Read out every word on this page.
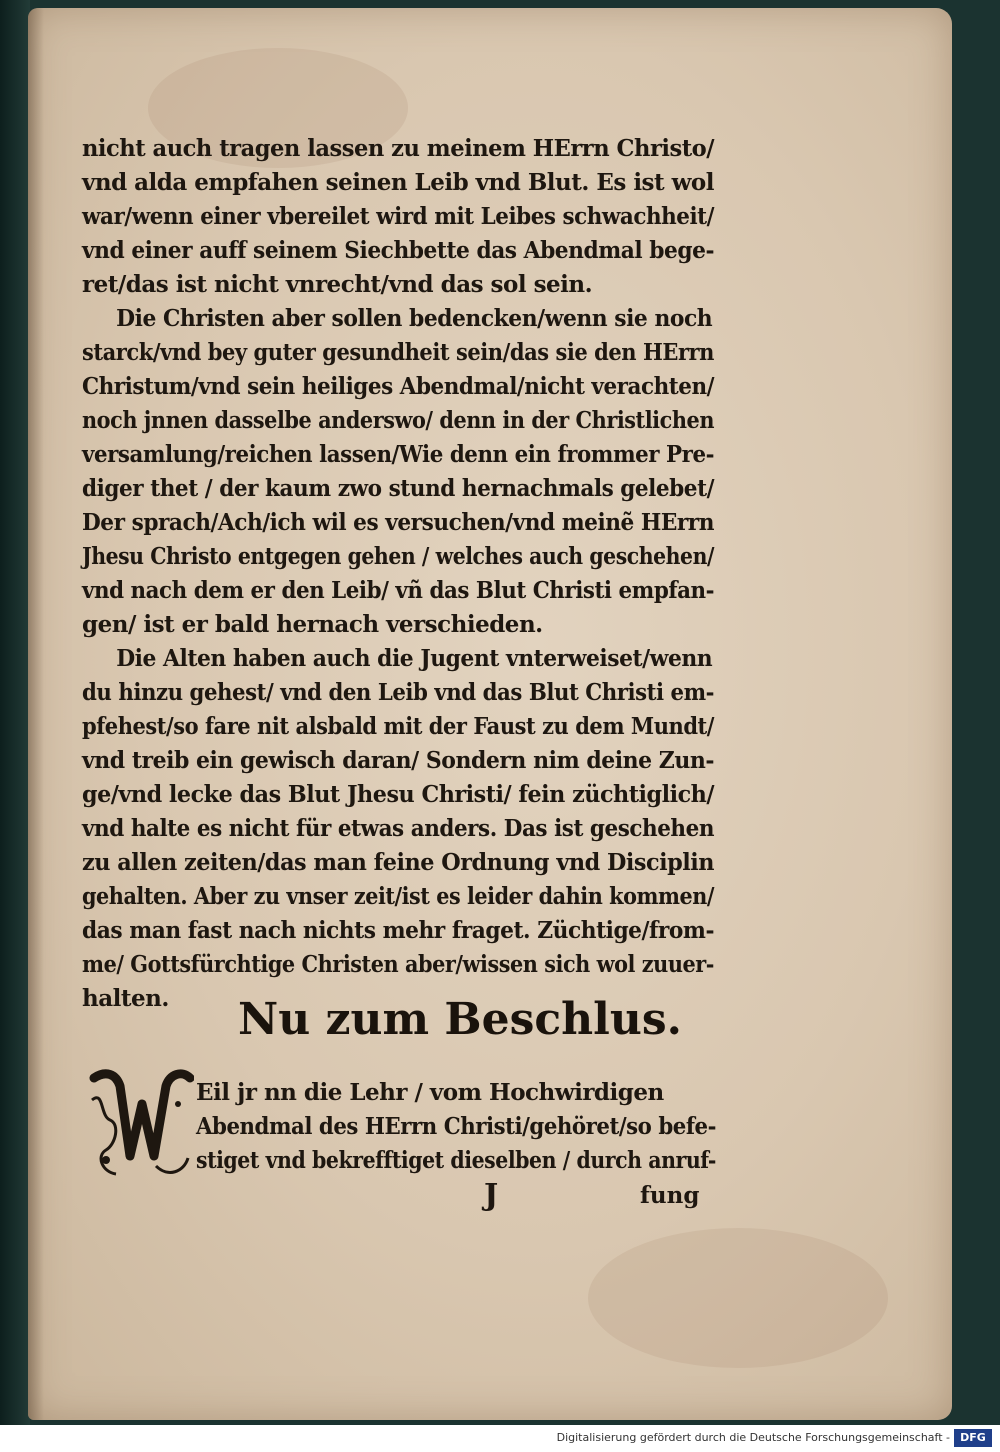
nicht auch tragen lassen zu meinem HErrn Christo/
vnd alda empfahen seinen Leib vnd Blut. Es ist wol
war/wenn einer vbereilet wird mit Leibes schwachheit/
vnd einer auff seinem Siechbette das Abendmal bege-
ret/das ist nicht vnrecht/vnd das sol sein.
Die Christen aber sollen bedencken/wenn sie noch
starck/vnd bey guter gesundheit sein/das sie den HErrn
Christum/vnd sein heiliges Abendmal/nicht verachten/
noch jnnen dasselbe anderswo/ denn in der Christlichen
versamlung/reichen lassen/Wie denn ein frommer Pre-
diger thet / der kaum zwo stund hernachmals gelebet/
Der sprach/Ach/ich wil es versuchen/vnd meinẽ HErrn
Jhesu Christo entgegen gehen / welches auch geschehen/
vnd nach dem er den Leib/ vñ das Blut Christi empfan-
gen/ ist er bald hernach verschieden.
Die Alten haben auch die Jugent vnterweiset/wenn
du hinzu gehest/ vnd den Leib vnd das Blut Christi em-
pfehest/so fare nit alsbald mit der Faust zu dem Mundt/
vnd treib ein gewisch daran/ Sondern nim deine Zun-
ge/vnd lecke das Blut Jhesu Christi/ fein züchtiglich/
vnd halte es nicht für etwas anders. Das ist geschehen
zu allen zeiten/das man feine Ordnung vnd Disciplin
gehalten. Aber zu vnser zeit/ist es leider dahin kommen/
das man fast nach nichts mehr fraget. Züchtige/from-
me/ Gottsfürchtige Christen aber/wissen sich wol zuuer-
halten.	Nu zum Beschlus.
Eil jr nn die Lehr / vom Hochwirdigen
Abendmal des HErrn Christi/gehöret/so befe-
stiget vnd bekrefftiget dieselben / durch anruf-
J	fung
Digitalisierung gefördert durch die Deutsche Forschungsgemeinschaft - DFG
